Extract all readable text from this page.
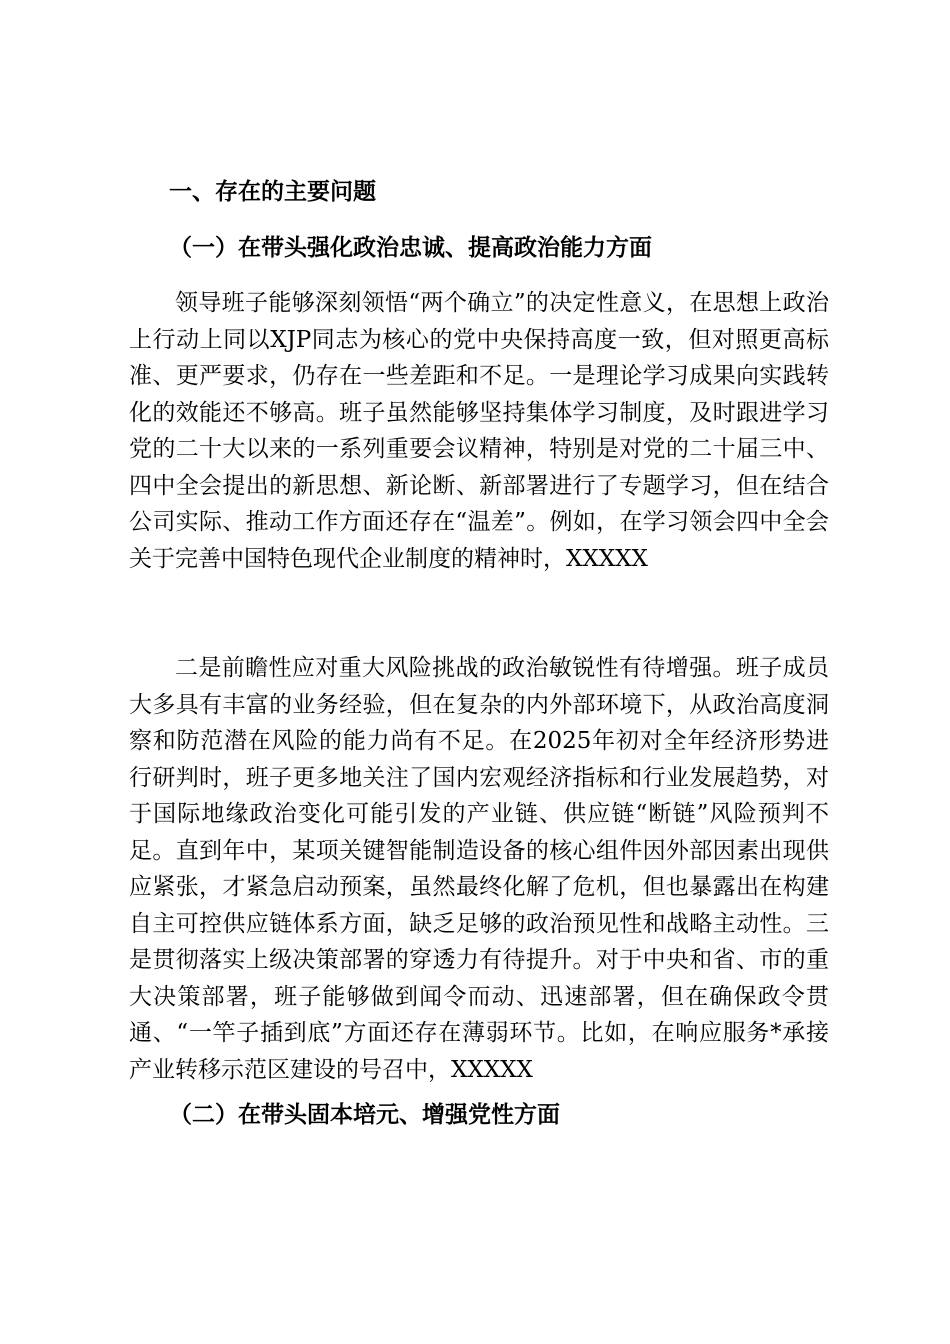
一、存在的主要问题
（一）在带头强化政治忠诚、提高政治能力方面
领导班子能够深刻领悟“两个确立”的决定性意义，在思想上政治上行动上同以XJP同志为核心的党中央保持高度一致，但对照更高标准、更严要求，仍存在一些差距和不足。一是理论学习成果向实践转化的效能还不够高。班子虽然能够坚持集体学习制度，及时跟进学习党的二十大以来的一系列重要会议精神，特别是对党的二十届三中、四中全会提出的新思想、新论断、新部署进行了专题学习，但在结合公司实际、推动工作方面还存在“温差”。例如，在学习领会四中全会关于完善中国特色现代企业制度的精神时，XXXXX
二是前瞻性应对重大风险挑战的政治敏锐性有待增强。班子成员大多具有丰富的业务经验，但在复杂的内外部环境下，从政治高度洞察和防范潜在风险的能力尚有不足。在2025年初对全年经济形势进行研判时，班子更多地关注了国内宏观经济指标和行业发展趋势，对于国际地缘政治变化可能引发的产业链、供应链“断链”风险预判不足。直到年中，某项关键智能制造设备的核心组件因外部因素出现供应紧张，才紧急启动预案，虽然最终化解了危机，但也暴露出在构建自主可控供应链体系方面，缺乏足够的政治预见性和战略主动性。三是贯彻落实上级决策部署的穿透力有待提升。对于中央和省、市的重大决策部署，班子能够做到闻令而动、迅速部署，但在确保政令贯通、“一竿子插到底”方面还存在薄弱环节。比如，在响应服务*承接产业转移示范区建设的号召中，XXXXX
（二）在带头固本培元、增强党性方面
